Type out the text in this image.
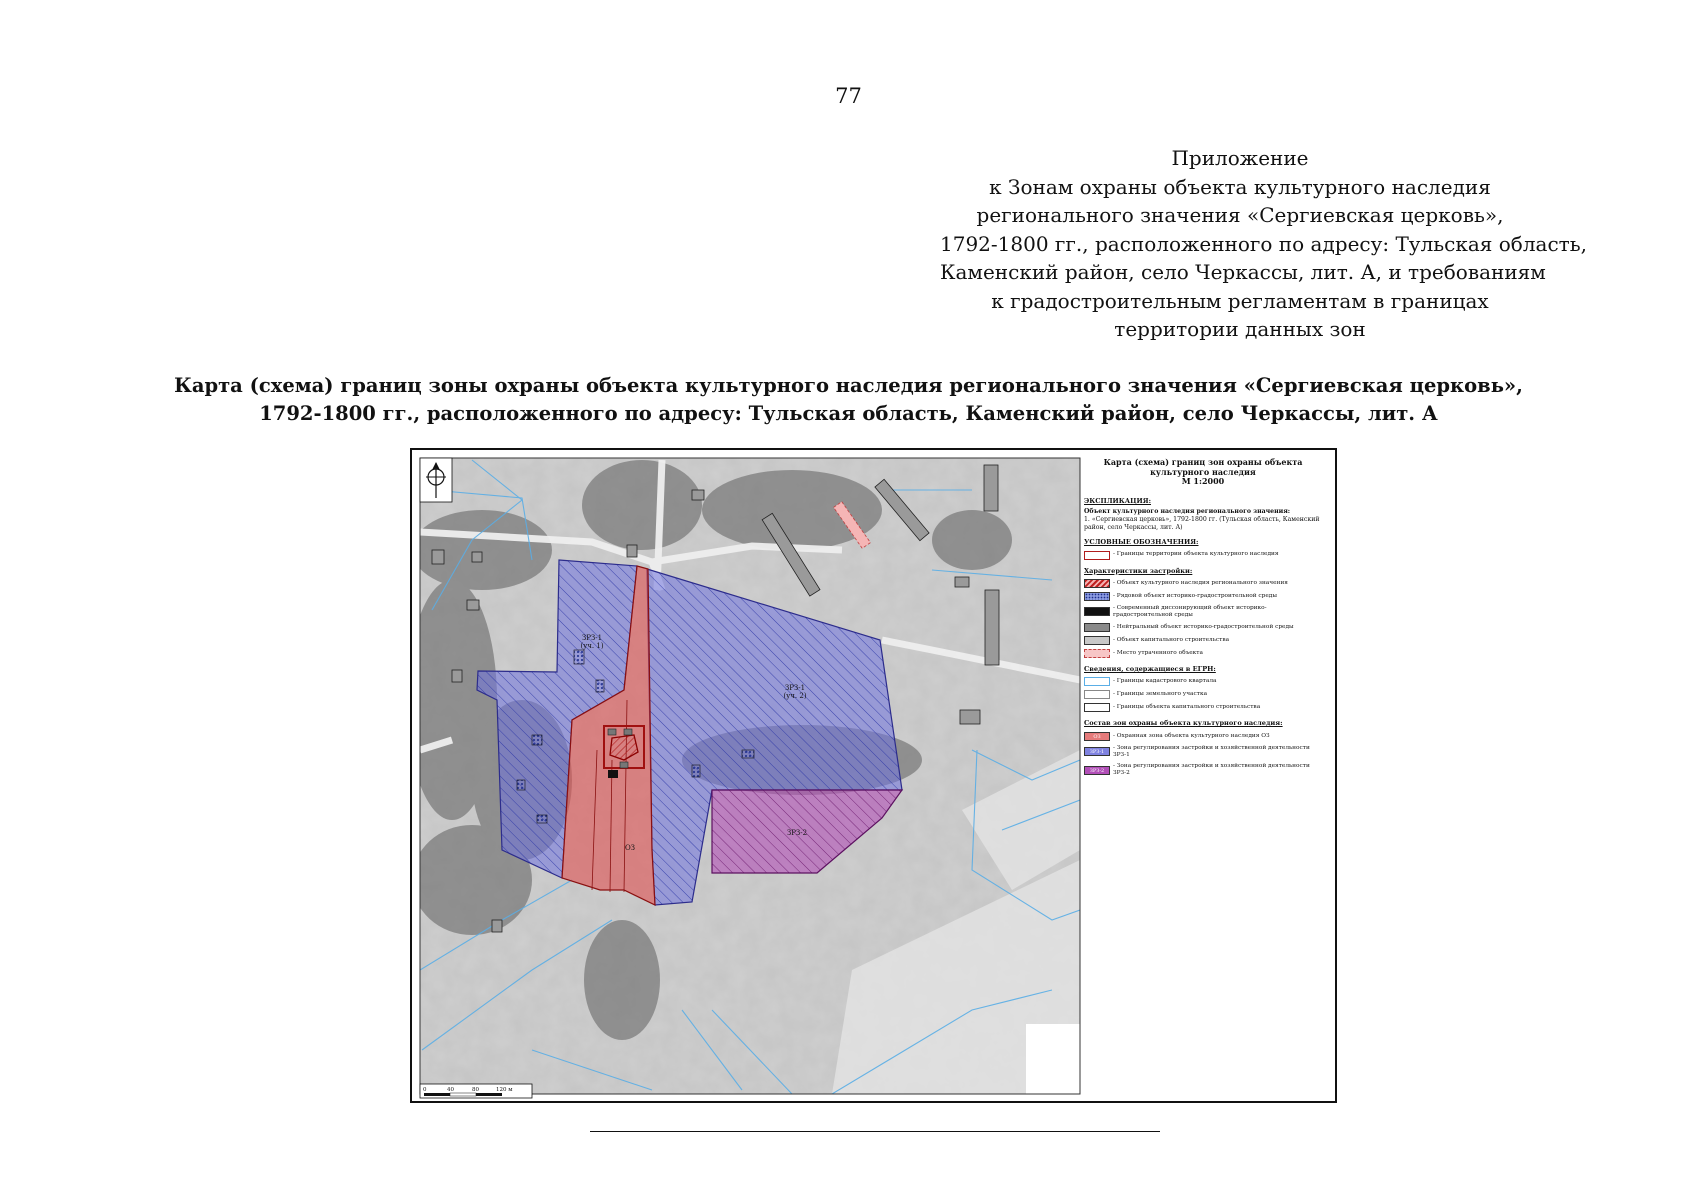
77
Приложение
к Зонам охраны объекта культурного наследия
регионального значения «Сергиевская церковь»,
1792-1800 гг., расположенного по адресу: Тульская область,
Каменский район, село Черкассы, лит. А, и требованиям
к градостроительным регламентам в границах
территории данных зон
Карта (схема) границ зоны охраны объекта культурного наследия регионального значения «Сергиевская церковь»,
1792-1800 гг., расположенного по адресу: Тульская область, Каменский район, село Черкассы, лит. А
ЗРЗ-1
(уч. 1)
ЗРЗ-1
(уч. 2)
ЗРЗ-2
ОЗ
0	40	80	120 м
Карта (схема) границ зон охраны объекта
культурного наследия
М 1:2000
ЭКСПЛИКАЦИЯ:
Объект культурного наследия регионального значения:
1. «Сергиевская церковь», 1792-1800 гг. (Тульская область, Каменский район, село Черкассы, лит. А)
УСЛОВНЫЕ ОБОЗНАЧЕНИЯ:
- Границы территории объекта культурного наследия
Характеристики застройки:
- Объект культурного наследия регионального значения
- Рядовой объект историко-градостроительной среды
- Современный диссонирующий объект историко-градостроительной среды
- Нейтральный объект историко-градостроительной среды
- Объект капитального строительства
- Место утраченного объекта
Сведения, содержащиеся в ЕГРН:
- Границы кадастрового квартала
- Границы земельного участка
- Границы объекта капитального строительства
Состав зон охраны объекта культурного наследия:
ОЗ	- Охранная зона объекта культурного наследия ОЗ
ЗРЗ-1
- Зона регулирования застройки и хозяйственной деятельности ЗРЗ-1
ЗРЗ-2
- Зона регулирования застройки и хозяйственной деятельности ЗРЗ-2
